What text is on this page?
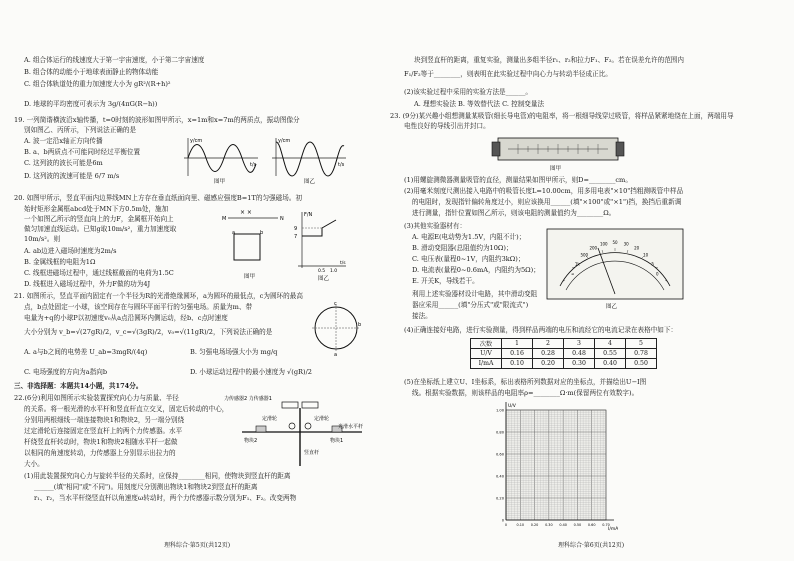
A. 组合体运行的线速度大于第一宇宙速度，小于第二宇宙速度
B. 组合体的动能小于地球表面静止的物体动能
C. 组合体轨道处的重力加速度大小为 gR²/(R+h)²
D. 地球的平均密度可表示为 3g/(4πG(R−h))
19. 一列简谐横波沿x轴传播，t=0时刻的波形如图甲所示，x=1m和x=7m的两质点，振动图像分
别如图乙、丙所示，下列说法正确的是
A. 波一定沿x轴正方向传播
B. a、b两质点不可能同时经过平衡位置
C. 这列波的波长可能是6m
D. 这列波的波速可能是 6/7 m/s
y/cm
t/s
图甲
y/cm
t/s
图乙
20. 如图甲所示，竖直平面内边界线MN上方存在垂直纸面向里、磁感应强度B=1T的匀强磁场。初
始时矩形金属框abcd处于MN下方0.5m处，施加
一个如图乙所示的竖直向上的力F，金属框开始向上
做匀加速直线运动。已知g取10m/s²，重力加速度取
10m/s²。则
A. ab边进入磁场时速度为2m/s
B. 金属线框的电阻为1Ω
C. 线框进磁场过程中，通过线框截面的电荷为1.5C
D. 线框进入磁场过程中，外力F做的功为4J
M	N
× ×
a	b
图甲
F/N
9
7
0.5 1.0
t/s
图乙
21. 如图所示，竖直平面内固定有一个半径为R的光滑绝缘圆环，a为圆环的最低点，c为圆环的最高
点，b点处固定一小球，该空间存在与圆环平面平行的匀强电场。质量为m、带
电量为+q的小球P以初速度v₀从a点沿圆环内侧运动，经b、c点时速度
大小分别为 v_b=√(27gR)/2，v_c=√(3gR)/2，v₀=√(11gR)/2，下列说法正确的是
A. a与b之间的电势差 U_ab=3mgR/(4q)	B. 匀强电场场强大小为 mg/q
C. 电场强度的方向为a指向b	D. 小球运动过程中的最小速度为 √(gR)/2
c
b
a
三、非选择题：本题共14小题，共174分。
22.(6分)利用如图所示实验装置探究向心力与质量、半径
的关系。将一根光滑的水平杆和竖直杆直立交叉，固定后转动的中心，
分别用两根细线一端连接物块1和物块2，另一端分别绕
过定滑轮后连接固定在竖直杆上的两个力传感器。水平
杆绕竖直杆转动时，物块1和物块2相随水平杆一起做
以相同的角速度转动，力传感器上分别显示出拉力的
大小。
(1)用此装置探究向心力与旋转半径的关系时，应保持________相同，使物块到竖直杆的距离
______(填"相同"或"不同")。用刻度尺分别测出物块1和物块2到竖直杆的距离
r₁、r₂，当水平杆绕竖直杆以角速度ω转动时，两个力传感器示数分别为F₁、F₂。改变两物
力传感器2 力传感器1
定滑轮	定滑轮
物块2	物块1
光滑水平杆
竖直杆
理科综合·第5页(共12页)
块到竖直杆的距离，重复实验，测量出多组半径r₁、r₂和拉力F₁、F₂。若在误差允许的范围内
F₁/F₂等于________，则表明在此实验过程中向心力与转动半径成正比。
(2)该实验过程中采用的实验方法是______。
A. 理想实验法 B. 等效替代法 C. 控制变量法
23. (9分)某兴趣小组想测量某吸管(细长导电管)的电阻率，将一根细导线穿过吸管，将样品紧紧地绕在上面，两端用导
电性良好的导线引出并封口。
图甲
(1)用螺旋测微器测量吸管的直径，测量结果如图甲所示，则D=________cm。
(2)用毫米刻度尺测出接入电路中的吸管长度L=10.00cm，用多用电表"×10"挡粗测吸管中样品
的电阻时，发现指针偏转角度过小，则应该换用______(填"×100"或"×1")挡，换挡后重新调
进行测量，指针位置如图乙所示，则该电阻的测量值约为________Ω。
(3)其他实验器材有：
A. 电源E(电动势为1.5V，内阻不计)；
B. 滑动变阻器(总阻值约为10Ω)；
C. 电压表(量程0~1V，内阻约3kΩ)；
D. 电流表(量程0~0.6mA，内阻约为5Ω)；
E. 开关K，导线若干。
利用上述实验器材设计电路，其中滑动变阻
器应采用______(填"分压式"或"限流式")
接法。
∞
1k
500
200
100 50 30
20
10
5
0
图乙
(4)正确连接好电路，进行实验测量，得到样品两端的电压和流经它的电流记录在表格中如下：
次数	1	2	3	4	5
U/V	0.16	0.28	0.48	0.55	0.78
I/mA	0.10	0.20	0.30	0.40	0.50
(5)在坐标纸上建立U、I坐标系，标出表格所列数据对应的坐标点，并描绘出U−I图
线。根据实验数据，则该样品的电阻率ρ=________Ω·m(保留两位有效数字)。
U/V
I/mA
0	0.10 0.20 0.30 0.40 0.50 0.60 0.70
0
0.20
0.40
0.60
0.80
1.00
理科综合·第6页(共12页)
